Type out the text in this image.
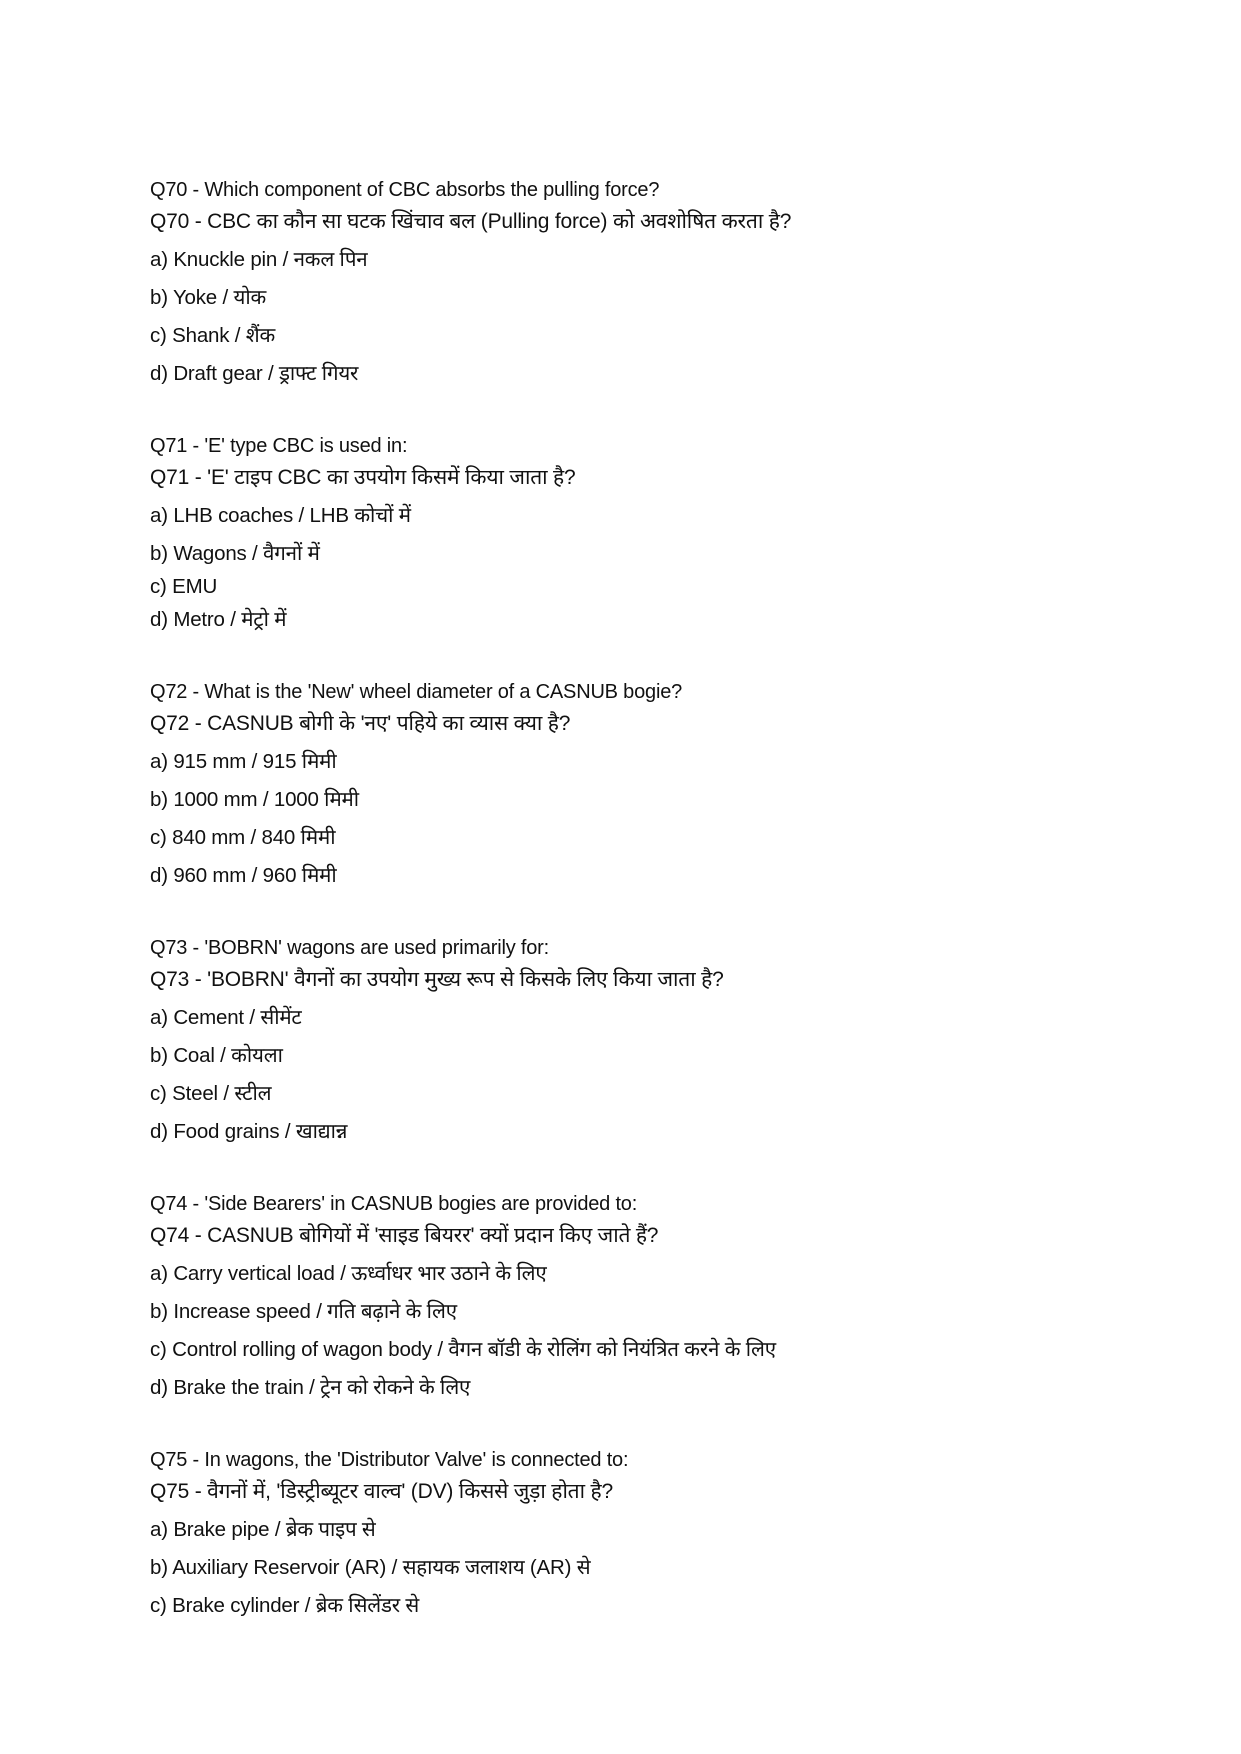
Q70 - Which component of CBC absorbs the pulling force?
Q70 - CBC का कौन सा घटक खिंचाव बल (Pulling force) को अवशोषित करता है?
a) Knuckle pin / नकल पिन
b) Yoke / योक
c) Shank / शैंक
d) Draft gear / ड्राफ्ट गियर
Q71 - 'E' type CBC is used in:
Q71 - 'E' टाइप CBC का उपयोग किसमें किया जाता है?
a) LHB coaches / LHB कोचों में
b) Wagons / वैगनों में
c) EMU
d) Metro / मेट्रो में
Q72 - What is the 'New' wheel diameter of a CASNUB bogie?
Q72 - CASNUB बोगी के 'नए' पहिये का व्यास क्या है?
a) 915 mm / 915 मिमी
b) 1000 mm / 1000 मिमी
c) 840 mm / 840 मिमी
d) 960 mm / 960 मिमी
Q73 - 'BOBRN' wagons are used primarily for:
Q73 - 'BOBRN' वैगनों का उपयोग मुख्य रूप से किसके लिए किया जाता है?
a) Cement / सीमेंट
b) Coal / कोयला
c) Steel / स्टील
d) Food grains / खाद्यान्न
Q74 - 'Side Bearers' in CASNUB bogies are provided to:
Q74 - CASNUB बोगियों में 'साइड बियरर' क्यों प्रदान किए जाते हैं?
a) Carry vertical load / ऊर्ध्वाधर भार उठाने के लिए
b) Increase speed / गति बढ़ाने के लिए
c) Control rolling of wagon body / वैगन बॉडी के रोलिंग को नियंत्रित करने के लिए
d) Brake the train / ट्रेन को रोकने के लिए
Q75 - In wagons, the 'Distributor Valve' is connected to:
Q75 - वैगनों में, 'डिस्ट्रीब्यूटर वाल्व' (DV) किससे जुड़ा होता है?
a) Brake pipe / ब्रेक पाइप से
b) Auxiliary Reservoir (AR) / सहायक जलाशय (AR) से
c) Brake cylinder / ब्रेक सिलेंडर से
